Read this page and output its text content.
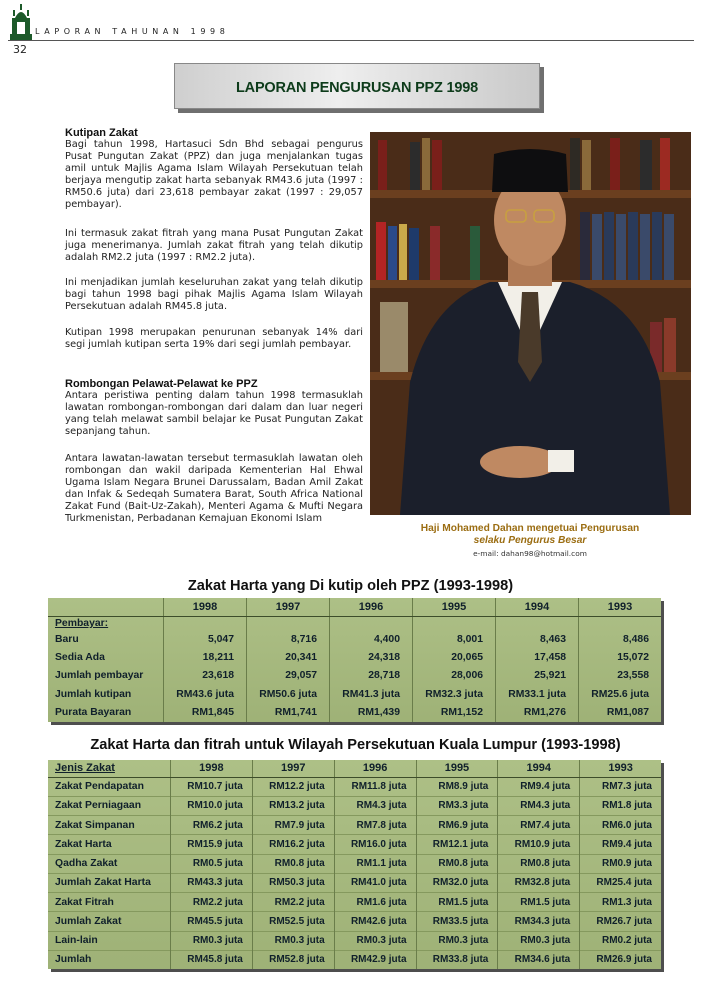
LAPORAN TAHUNAN 1998
32
LAPORAN PENGURUSAN PPZ 1998
Kutipan Zakat

Bagi tahun 1998, Hartasuci Sdn Bhd sebagai pengurus Pusat Pungutan Zakat (PPZ) dan juga menjalankan tugas amil untuk Majlis Agama Islam Wilayah Persekutuan telah berjaya mengutip zakat harta sebanyak RM43.6 juta (1997 : RM50.6 juta) dari 23,618 pembayar zakat (1997 : 29,057 pembayar).

Ini termasuk zakat fitrah yang mana Pusat Pungutan Zakat juga menerimanya. Jumlah zakat fitrah yang telah dikutip adalah RM2.2 juta (1997 : RM2.2 juta).

Ini menjadikan jumlah keseluruhan zakat yang telah dikutip bagi tahun 1998 bagi pihak Majlis Agama Islam Wilayah Persekutuan adalah RM45.8 juta.

Kutipan 1998 merupakan penurunan sebanyak 14% dari segi jumlah kutipan serta 19% dari segi jumlah pembayar.

Rombongan Pelawat-Pelawat ke PPZ

Antara peristiwa penting dalam tahun 1998 termasuklah lawatan rombongan-rombongan dari dalam dan luar negeri yang telah melawat sambil belajar ke Pusat Pungutan Zakat sepanjang tahun.

Antara lawatan-lawatan tersebut termasuklah lawatan oleh rombongan dan wakil daripada Kementerian Hal Ehwal Ugama Islam Negara Brunei Darussalam, Badan Amil Zakat dan Infak & Sedeqah Sumatera Barat, South Africa National Zakat Fund (Bait-Uz-Zakah), Menteri Agama & Mufti Negara Turkmenistan, Perbadanan Kemajuan Ekonomi Islam

Haji Mohamed Dahan mengetuai Pengurusan
selaku Pengurus Besar
e-mail: dahan98@hotmail.com
Zakat Harta yang Di kutip oleh PPZ (1993-1998)
	1998	1997	1996	1995	1994	1993
Pembayar:						
Baru	5,047	8,716	4,400	8,001	8,463	8,486
Sedia Ada	18,211	20,341	24,318	20,065	17,458	15,072
Jumlah pembayar	23,618	29,057	28,718	28,006	25,921	23,558
Jumlah kutipan	RM43.6 juta	RM50.6 juta	RM41.3 juta	RM32.3 juta	RM33.1 juta	RM25.6 juta
Purata Bayaran	RM1,845	RM1,741	RM1,439	RM1,152	RM1,276	RM1,087
Zakat Harta dan fitrah untuk Wilayah Persekutuan Kuala Lumpur (1993-1998)
Jenis Zakat	1998	1997	1996	1995	1994	1993
Zakat Pendapatan	RM10.7 juta	RM12.2 juta	RM11.8 juta	RM8.9 juta	RM9.4 juta	RM7.3 juta
Zakat Perniagaan	RM10.0 juta	RM13.2 juta	RM4.3 juta	RM3.3 juta	RM4.3 juta	RM1.8 juta
Zakat Simpanan	RM6.2 juta	RM7.9 juta	RM7.8 juta	RM6.9 juta	RM7.4 juta	RM6.0 juta
Zakat Harta	RM15.9 juta	RM16.2 juta	RM16.0 juta	RM12.1 juta	RM10.9 juta	RM9.4 juta
Qadha Zakat	RM0.5 juta	RM0.8 juta	RM1.1 juta	RM0.8 juta	RM0.8 juta	RM0.9 juta
Jumlah Zakat Harta	RM43.3 juta	RM50.3 juta	RM41.0 juta	RM32.0 juta	RM32.8 juta	RM25.4 juta
Zakat Fitrah	RM2.2 juta	RM2.2 juta	RM1.6 juta	RM1.5 juta	RM1.5 juta	RM1.3 juta
Jumlah Zakat	RM45.5 juta	RM52.5 juta	RM42.6 juta	RM33.5 juta	RM34.3 juta	RM26.7 juta
Lain-lain	RM0.3 juta	RM0.3 juta	RM0.3 juta	RM0.3 juta	RM0.3 juta	RM0.2 juta
Jumlah	RM45.8 juta	RM52.8 juta	RM42.9 juta	RM33.8 juta	RM34.6 juta	RM26.9 juta
